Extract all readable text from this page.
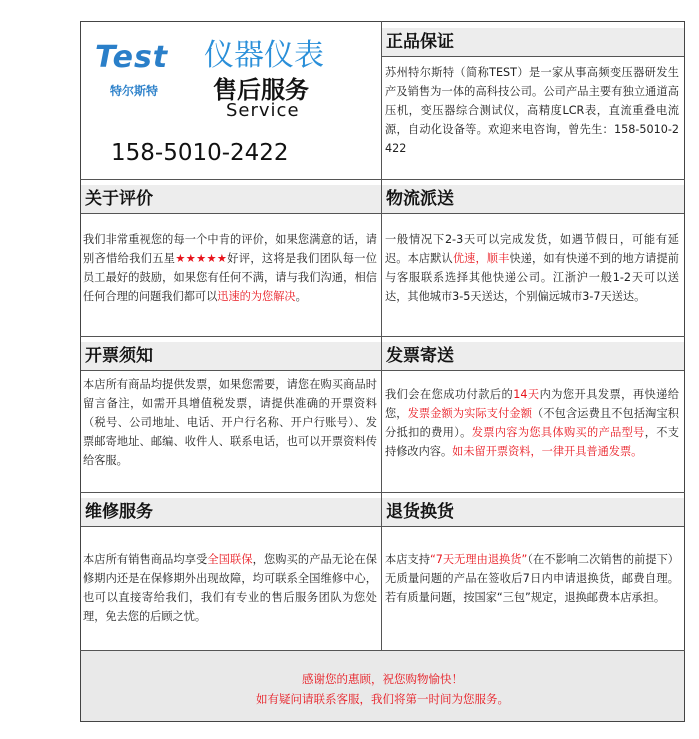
Test
特尔斯特
仪器仪表
售后服务
Service
158-5010-2422
正品保证
苏州特尔斯特（简称TEST）是一家从事高频变压器研发生产及销售为一体的高科技公司。公司产品主要有独立通道高压机，变压器综合测试仪，高精度LCR表，直流重叠电流源，自动化设备等。欢迎来电咨询，曾先生：158-5010-2422
关于评价
我们非常重视您的每一个中肯的评价，如果您满意的话，请别吝惜给我们五星★★★★★好评，这将是我们团队每一位员工最好的鼓励，如果您有任何不满，请与我们沟通，相信任何合理的问题我们都可以迅速的为您解决。
物流派送
一般情况下2-3天可以完成发货，如遇节假日，可能有延迟。本店默认优速，顺丰快递，如有快递不到的地方请提前与客服联系选择其他快递公司。江浙沪一般1-2天可以送达，其他城市3-5天送达，个别偏远城市3-7天送达。
开票须知
本店所有商品均提供发票，如果您需要，请您在购买商品时留言备注，如需开具增值税发票，请提供准确的开票资料（税号、公司地址、电话、开户行名称、开户行账号）、发票邮寄地址、邮编、收件人、联系电话，也可以开票资料传给客服。
发票寄送
我们会在您成功付款后的14天内为您开具发票，再快递给您，发票金额为实际支付金额（不包含运费且不包括淘宝积分抵扣的费用）。发票内容为您具体购买的产品型号，不支持修改内容。如未留开票资料，一律开具普通发票。
维修服务
本店所有销售商品均享受全国联保，您购买的产品无论在保修期内还是在保修期外出现故障，均可联系全国维修中心，也可以直接寄给我们，我们有专业的售后服务团队为您处理，免去您的后顾之忧。
退货换货
本店支持“7天无理由退换货”（在不影响二次销售的前提下）无质量问题的产品在签收后7日内申请退换货，邮费自理。若有质量问题，按国家“三包”规定，退换邮费本店承担。
感谢您的惠顾，祝您购物愉快！
如有疑问请联系客服，我们将第一时间为您服务。
